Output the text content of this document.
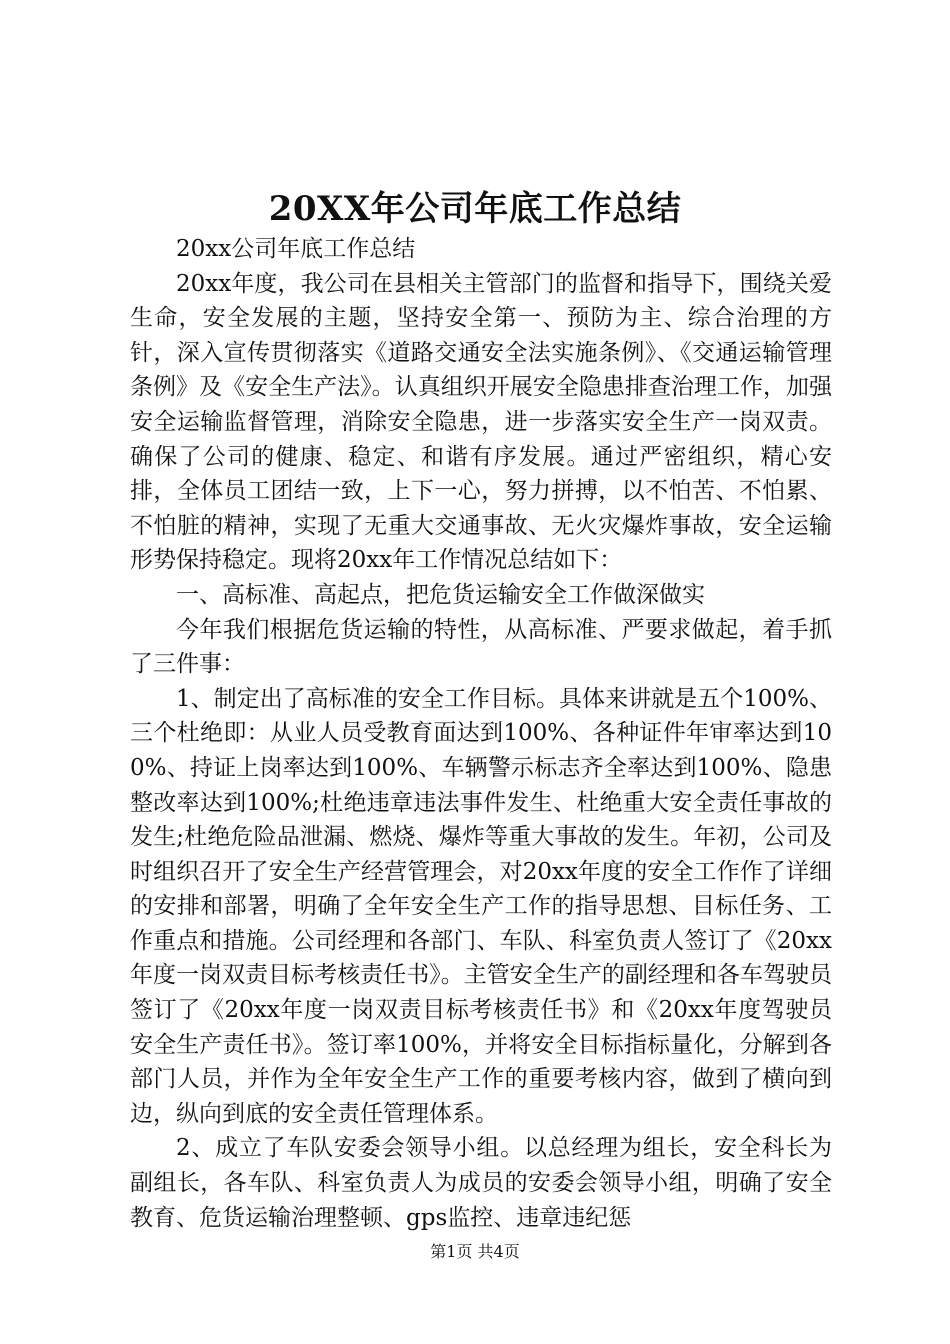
20XX年公司年底工作总结

20xx公司年底工作总结

20xx年度，我公司在县相关主管部门的监督和指导下，围绕关爱生命，安全发展的主题，坚持安全第一、预防为主、综合治理的方针，深入宣传贯彻落实《道路交通安全法实施条例》、《交通运输管理条例》及《安全生产法》。认真组织开展安全隐患排查治理工作，加强安全运输监督管理，消除安全隐患，进一步落实安全生产一岗双责。确保了公司的健康、稳定、和谐有序发展。通过严密组织，精心安排，全体员工团结一致，上下一心，努力拼搏，以不怕苦、不怕累、不怕脏的精神，实现了无重大交通事故、无火灾爆炸事故，安全运输形势保持稳定。现将20xx年工作情况总结如下：

一、高标准、高起点，把危货运输安全工作做深做实

今年我们根据危货运输的特性，从高标准、严要求做起，着手抓了三件事：

1、制定出了高标准的安全工作目标。具体来讲就是五个100%、三个杜绝即：从业人员受教育面达到100%、各种证件年审率达到100%、持证上岗率达到100%、车辆警示标志齐全率达到100%、隐患整改率达到100%;杜绝违章违法事件发生、杜绝重大安全责任事故的发生;杜绝危险品泄漏、燃烧、爆炸等重大事故的发生。年初，公司及时组织召开了安全生产经营管理会，对20xx年度的安全工作作了详细的安排和部署，明确了全年安全生产工作的指导思想、目标任务、工作重点和措施。公司经理和各部门、车队、科室负责人签订了《20xx年度一岗双责目标考核责任书》。主管安全生产的副经理和各车驾驶员签订了《20xx年度一岗双责目标考核责任书》和《20xx年度驾驶员安全生产责任书》。签订率100%，并将安全目标指标量化，分解到各部门人员，并作为全年安全生产工作的重要考核内容，做到了横向到边，纵向到底的安全责任管理体系。

2、成立了车队安委会领导小组。以总经理为组长，安全科长为副组长，各车队、科室负责人为成员的安委会领导小组，明确了安全教育、危货运输治理整顿、gps监控、违章违纪惩

第1页 共4页
